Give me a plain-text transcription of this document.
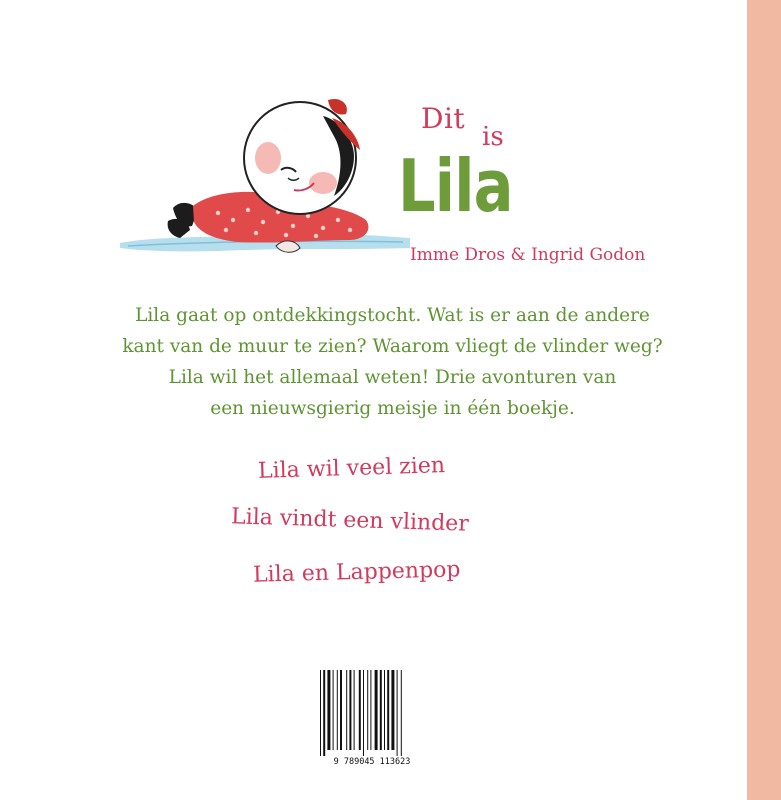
Dit
is
Lila
Imme Dros & Ingrid Godon
Lila gaat op ontdekkingstocht. Wat is er aan de andere
kant van de muur te zien? Waarom vliegt de vlinder weg?
Lila wil het allemaal weten! Drie avonturen van
een nieuwsgierig meisje in één boekje.
Lila wil veel zien
Lila vindt een vlinder
Lila en Lappenpop
9 789045 113623
